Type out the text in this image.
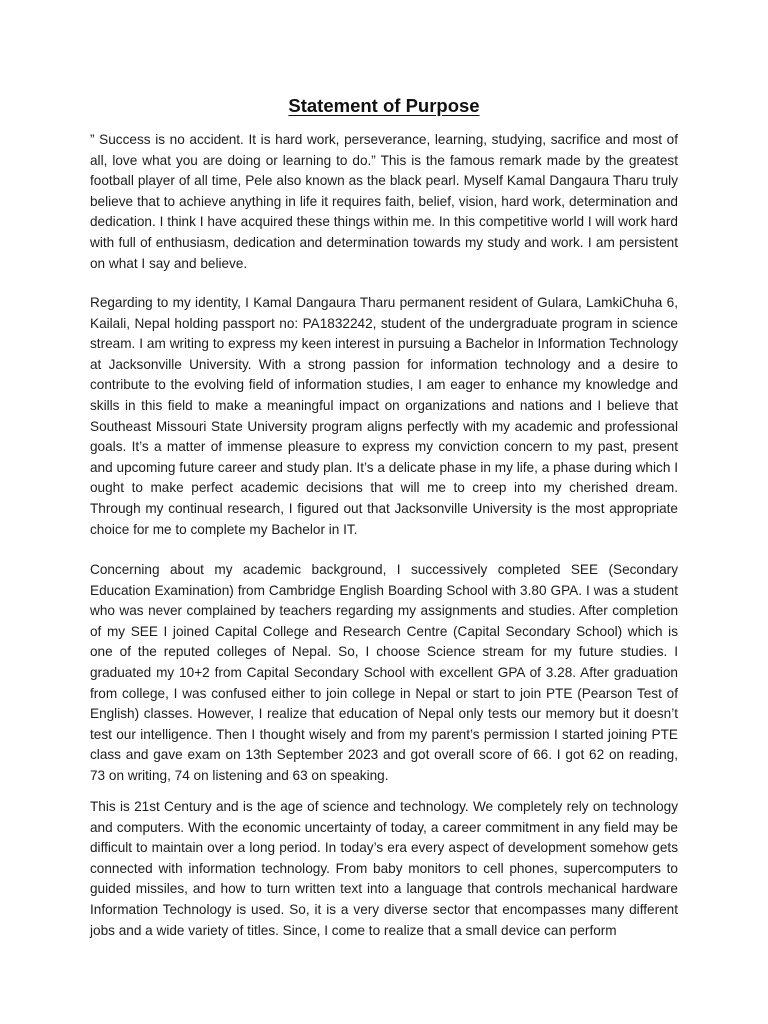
Statement of Purpose

” Success is no accident. It is hard work, perseverance, learning, studying, sacrifice and most of all, love what you are doing or learning to do.” This is the famous remark made by the greatest football player of all time, Pele also known as the black pearl. Myself Kamal Dangaura Tharu truly believe that to achieve anything in life it requires faith, belief, vision, hard work, determination and dedication. I think I have acquired these things within me. In this competitive world I will work hard with full of enthusiasm, dedication and determination towards my study and work. I am persistent on what I say and believe.

Regarding to my identity, I Kamal Dangaura Tharu permanent resident of Gulara, LamkiChuha 6, Kailali, Nepal holding passport no: PA1832242, student of the undergraduate program in science stream. I am writing to express my keen interest in pursuing a Bachelor in Information Technology at Jacksonville University. With a strong passion for information technology and a desire to contribute to the evolving field of information studies, I am eager to enhance my knowledge and skills in this field to make a meaningful impact on organizations and nations and I believe that Southeast Missouri State University program aligns perfectly with my academic and professional goals. It’s a matter of immense pleasure to express my conviction concern to my past, present and upcoming future career and study plan. It’s a delicate phase in my life, a phase during which I ought to make perfect academic decisions that will me to creep into my cherished dream. Through my continual research, I figured out that Jacksonville University is the most appropriate choice for me to complete my Bachelor in IT.

Concerning about my academic background, I successively completed SEE (Secondary Education Examination) from Cambridge English Boarding School with 3.80 GPA. I was a student who was never complained by teachers regarding my assignments and studies. After completion of my SEE I joined Capital College and Research Centre (Capital Secondary School) which is one of the reputed colleges of Nepal. So, I choose Science stream for my future studies. I graduated my 10+2 from Capital Secondary School with excellent GPA of 3.28. After graduation from college, I was confused either to join college in Nepal or start to join PTE (Pearson Test of English) classes. However, I realize that education of Nepal only tests our memory but it doesn’t test our intelligence. Then I thought wisely and from my parent’s permission I started joining PTE class and gave exam on 13th September 2023 and got overall score of 66. I got 62 on reading, 73 on writing, 74 on listening and 63 on speaking.

This is 21st Century and is the age of science and technology. We completely rely on technology and computers. With the economic uncertainty of today, a career commitment in any field may be difficult to maintain over a long period. In today’s era every aspect of development somehow gets connected with information technology. From baby monitors to cell phones, supercomputers to guided missiles, and how to turn written text into a language that controls mechanical hardware Information Technology is used. So, it is a very diverse sector that encompasses many different jobs and a wide variety of titles. Since, I come to realize that a small device can perform
